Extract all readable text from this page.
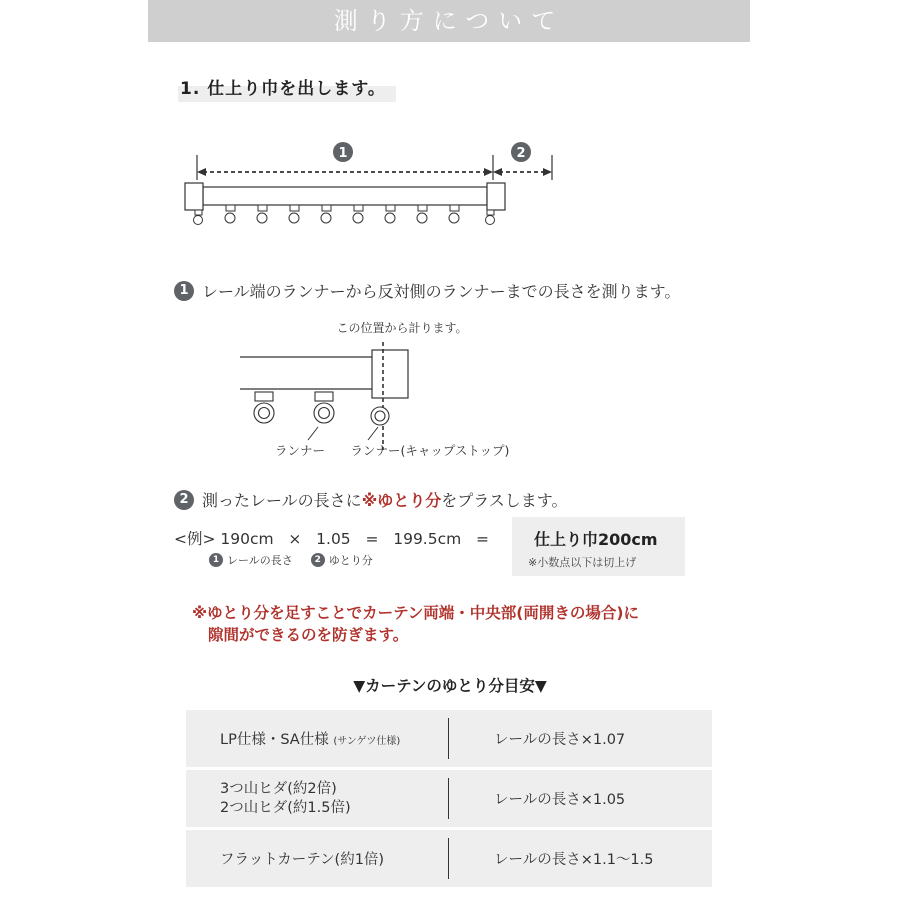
測り方について
1. 仕上り巾を出します。
1	2
1 レール端のランナーから反対側のランナーまでの長さを測ります。
この位置から計ります。
ランナー ランナー(キャップストップ)
2 測ったレールの長さに※ゆとり分をプラスします。
<例> 190cm   ×   1.05   =   199.5cm   =
1 レールの長さ	2 ゆとり分
仕上り巾200cm
※小数点以下は切上げ
※ゆとり分を足すことでカーテン両端・中央部(両開きの場合)に
隙間ができるのを防ぎます。
▼カーテンのゆとり分目安▼
LP仕様・SA仕様 (サンゲツ仕様)	レールの長さ×1.07
3つ山ヒダ(約2倍)
2つ山ヒダ(約1.5倍)	レールの長さ×1.05
フラットカーテン(約1倍)	レールの長さ×1.1〜1.5
